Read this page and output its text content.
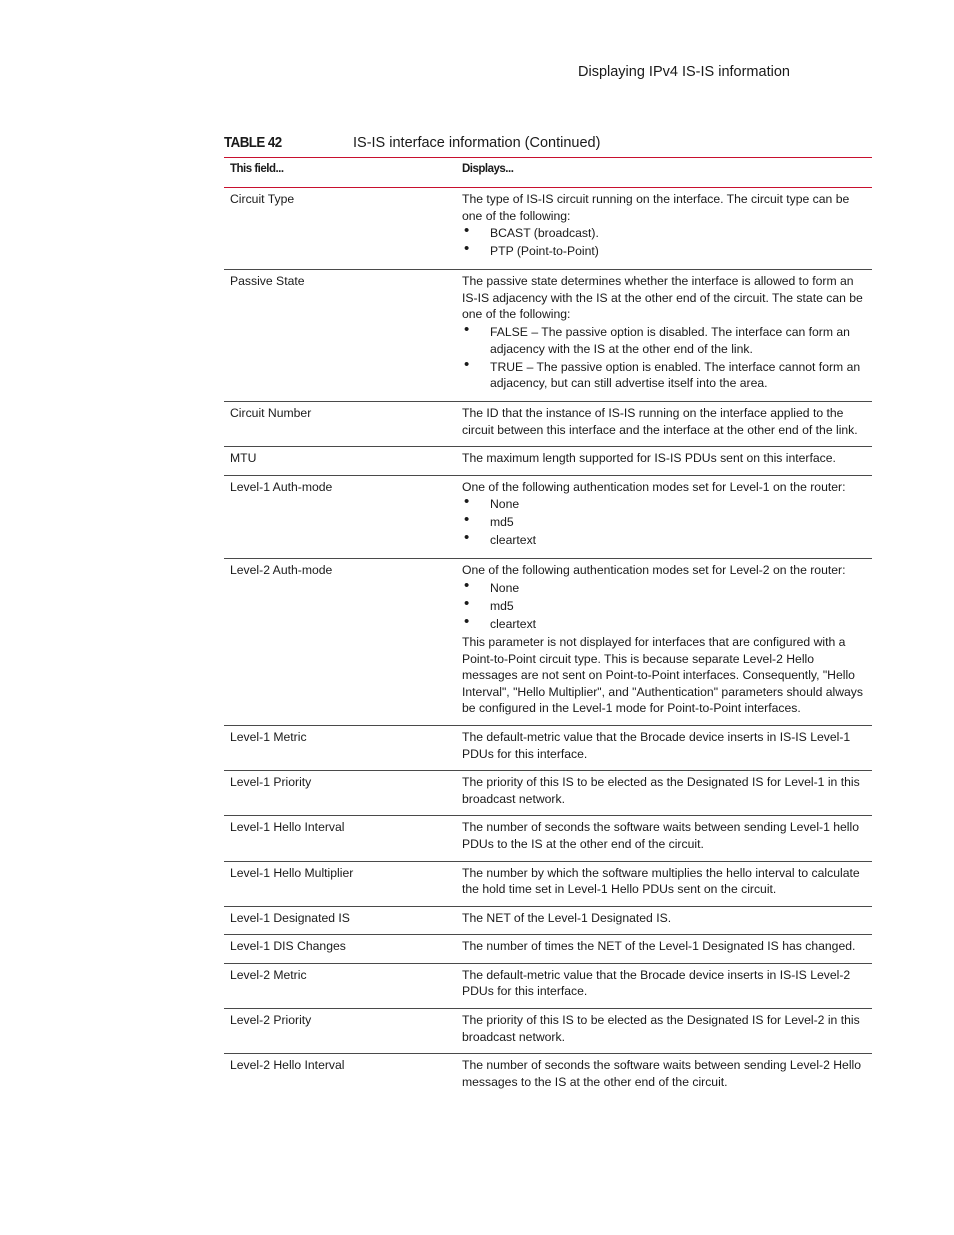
Displaying IPv4 IS-IS information
TABLE 42	IS-IS interface information (Continued)
This field...	Displays...
Circuit Type	The type of IS-IS circuit running on the interface. The circuit type can be one of the following:

• BCAST (broadcast).
• PTP (Point-to-Point)
Passive State	The passive state determines whether the interface is allowed to form an IS-IS adjacency with the IS at the other end of the circuit. The state can be one of the following:

• FALSE – The passive option is disabled. The interface can form an adjacency with the IS at the other end of the link.
• TRUE – The passive option is enabled. The interface cannot form an adjacency, but can still advertise itself into the area.
Circuit Number	The ID that the instance of IS-IS running on the interface applied to the circuit between this interface and the interface at the other end of the link.

MTU	The maximum length supported for IS-IS PDUs sent on this interface.

Level-1 Auth-mode	One of the following authentication modes set for Level-1 on the router:

• None
• md5
• cleartext
Level-2 Auth-mode	One of the following authentication modes set for Level-2 on the router:

• None
• md5
• cleartext

This parameter is not displayed for interfaces that are configured with a Point-to-Point circuit type. This is because separate Level-2 Hello messages are not sent on Point-to-Point interfaces. Consequently, "Hello Interval", "Hello Multiplier", and "Authentication" parameters should always be configured in the Level-1 mode for Point-to-Point interfaces.

Level-1 Metric	The default-metric value that the Brocade device inserts in IS-IS Level-1 PDUs for this interface.

Level-1 Priority	The priority of this IS to be elected as the Designated IS for Level-1 in this broadcast network.

Level-1 Hello Interval	The number of seconds the software waits between sending Level-1 hello PDUs to the IS at the other end of the circuit.

Level-1 Hello Multiplier	The number by which the software multiplies the hello interval to calculate the hold time set in Level-1 Hello PDUs sent on the circuit.

Level-1 Designated IS	The NET of the Level-1 Designated IS.

Level-1 DIS Changes	The number of times the NET of the Level-1 Designated IS has changed.

Level-2 Metric	The default-metric value that the Brocade device inserts in IS-IS Level-2 PDUs for this interface.

Level-2 Priority	The priority of this IS to be elected as the Designated IS for Level-2 in this broadcast network.

Level-2 Hello Interval	The number of seconds the software waits between sending Level-2 Hello messages to the IS at the other end of the circuit.
